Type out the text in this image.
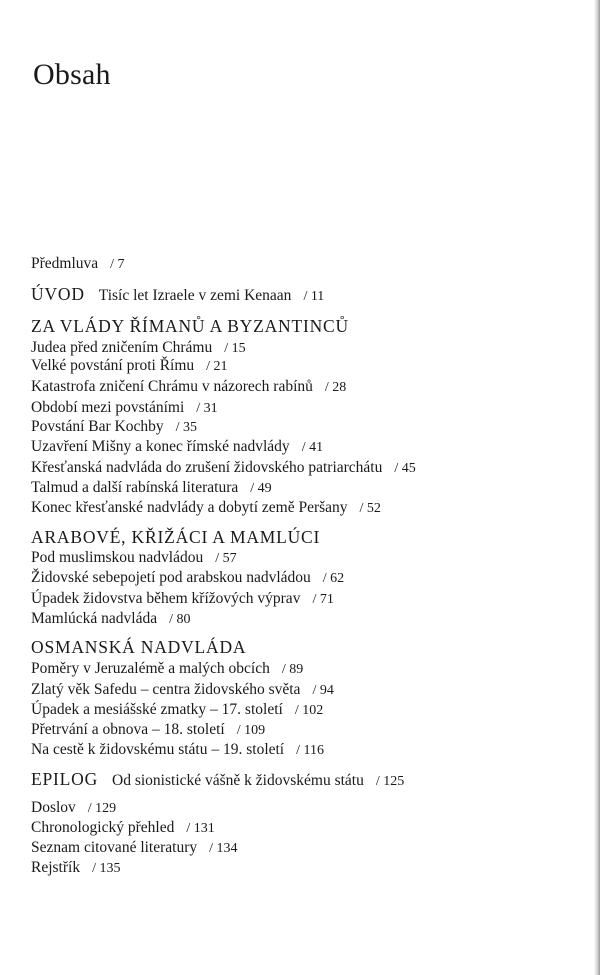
Obsah
Předmluva / 7
ÚVOD Tisíc let Izraele v zemi Kenaan / 11
ZA VLÁDY ŘÍMANŮ A BYZANTINCŮ
Judea před zničením Chrámu / 15
Velké povstání proti Římu / 21
Katastrofa zničení Chrámu v názorech rabínů / 28
Období mezi povstáními / 31
Povstání Bar Kochby / 35
Uzavření Mišny a konec římské nadvlády / 41
Křesťanská nadvláda do zrušení židovského patriarchátu / 45
Talmud a další rabínská literatura / 49
Konec křesťanské nadvlády a dobytí země Peršany / 52
ARABOVÉ, KŘIŽÁCI A MAMLÚCI
Pod muslimskou nadvládou / 57
Židovské sebepojetí pod arabskou nadvládou / 62
Úpadek židovstva během křížových výprav / 71
Mamlúcká nadvláda / 80
OSMANSKÁ NADVLÁDA
Poměry v Jeruzalémě a malých obcích / 89
Zlatý věk Safedu – centra židovského světa / 94
Úpadek a mesiášské zmatky – 17. století / 102
Přetrvání a obnova – 18. století / 109
Na cestě k židovskému státu – 19. století / 116
EPILOG Od sionistické vášně k židovskému státu / 125
Doslov / 129
Chronologický přehled / 131
Seznam citované literatury / 134
Rejstřík / 135
